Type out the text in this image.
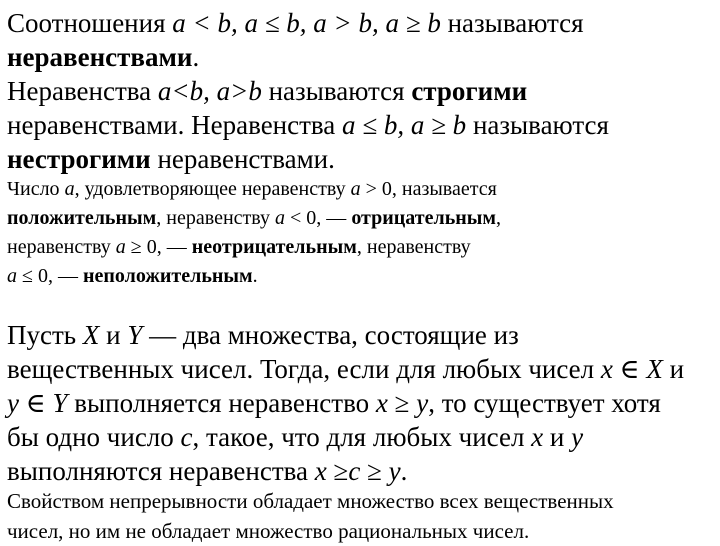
Соотношения a < b, a ≤ b, a > b, a ≥ b называются
неравенствами.
Неравенства a<b, a>b называются строгими
неравенствами. Неравенства a ≤ b, a ≥ b называются
нестрогими неравенствами.
Число a, удовлетворяющее неравенству a > 0, называется
положительным, неравенству a < 0, — отрицательным,
неравенству a ≥ 0, — неотрицательным, неравенству
a ≤ 0, — неположительным.
Пусть X и Y — два множества, состоящие из
вещественных чисел. Тогда, если для любых чисел x ∈ X и
y ∈ Y выполняется неравенство x ≥ y, то существует хотя
бы одно число c, такое, что для любых чисел x и y
выполняются неравенства x ≥c ≥ y.
Свойством непрерывности обладает множество всех вещественных
чисел, но им не обладает множество рациональных чисел.
